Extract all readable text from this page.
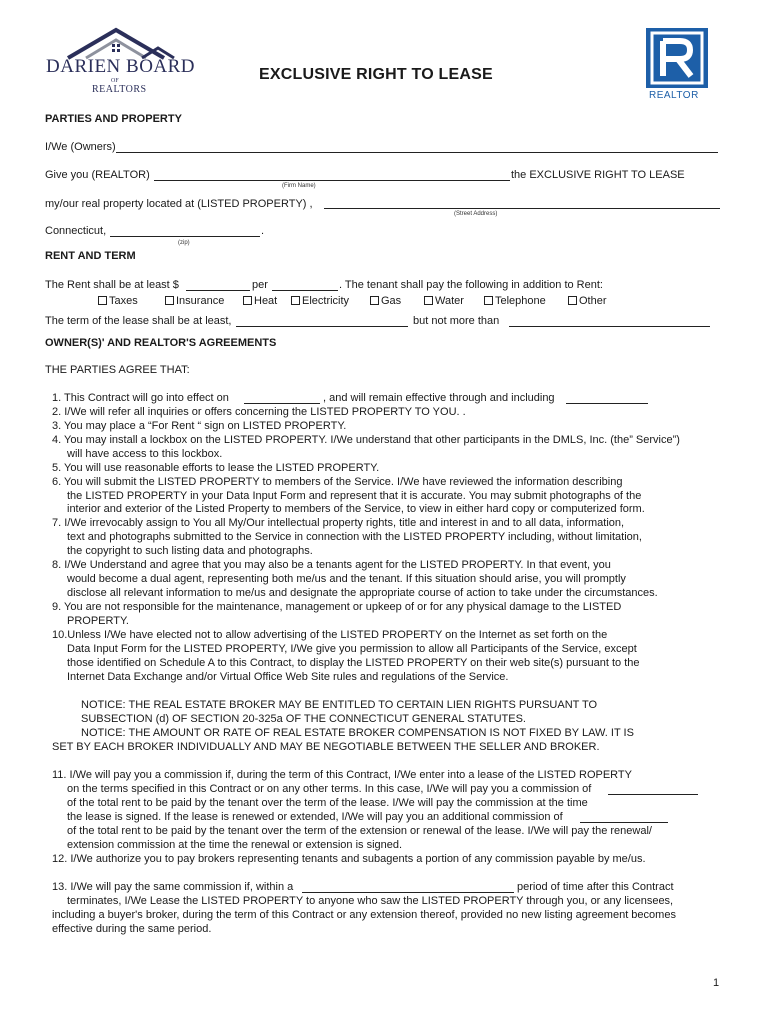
DARIEN BOARD
OF
REALTORS
EXCLUSIVE RIGHT TO LEASE
REALTOR
PARTIES AND PROPERTY
I/We (Owners)
Give you (REALTOR)	the EXCLUSIVE RIGHT TO LEASE
(Firm Name)
my/our real property located at (LISTED PROPERTY) ,
(Street Address)
Connecticut,	.
(zip)
RENT AND TERM
The Rent shall be at least $	per	. The tenant shall pay the following in addition to Rent:
Taxes	Insurance	Heat	Electricity	Gas	Water	Telephone	Other
The term of the lease shall be at least,	but not more than
OWNER(S)' AND REALTOR'S AGREEMENTS
THE PARTIES AGREE THAT:
1. This Contract will go into effect on	, and will remain effective through and including
2. I/We will refer all inquiries or offers concerning the LISTED PROPERTY TO YOU. .
3. You may place a “For Rent “ sign on LISTED PROPERTY.
4. You may install a lockbox on the LISTED PROPERTY. I/We understand that other participants in the DMLS, Inc. (the” Service”)
will have access to this lockbox.
5. You will use reasonable efforts to lease the LISTED PROPERTY.
6. You will submit the LISTED PROPERTY to members of the Service. I/We have reviewed the information describing
the LISTED PROPERTY in your Data Input Form and represent that it is accurate. You may submit photographs of the
interior and exterior of the Listed Property to members of the Service, to view in either hard copy or computerized form.
7. I/We irrevocably assign to You all My/Our intellectual property rights, title and interest in and to all data, information,
text and photographs submitted to the Service in connection with the LISTED PROPERTY including, without limitation,
the copyright to such listing data and photographs.
8. I/We Understand and agree that you may also be a tenants agent for the LISTED PROPERTY. In that event, you
would become a dual agent, representing both me/us and the tenant. If this situation should arise, you will promptly
disclose all relevant information to me/us and designate the appropriate course of action to take under the circumstances.
9. You are not responsible for the maintenance, management or upkeep of or for any physical damage to the LISTED
PROPERTY.
10.Unless I/We have elected not to allow advertising of the LISTED PROPERTY on the Internet as set forth on the
Data Input Form for the LISTED PROPERTY, I/We give you permission to allow all Participants of the Service, except
those identified on Schedule A to this Contract, to display the LISTED PROPERTY on their web site(s) pursuant to the
Internet Data Exchange and/or Virtual Office Web Site rules and regulations of the Service.
NOTICE: THE REAL ESTATE BROKER MAY BE ENTITLED TO CERTAIN LIEN RIGHTS PURSUANT TO
SUBSECTION (d) OF SECTION 20-325a OF THE CONNECTICUT GENERAL STATUTES.
NOTICE: THE AMOUNT OR RATE OF REAL ESTATE BROKER COMPENSATION IS NOT FIXED BY LAW. IT IS
SET BY EACH BROKER INDIVIDUALLY AND MAY BE NEGOTIABLE BETWEEN THE SELLER AND BROKER.
11. I/We will pay you a commission if, during the term of this Contract, I/We enter into a lease of the LISTED ROPERTY
on the terms specified in this Contract or on any other terms. In this case, I/We will pay you a commission of
of the total rent to be paid by the tenant over the term of the lease. I/We will pay the commission at the time
the lease is signed. If the lease is renewed or extended, I/We will pay you an additional commission of
of the total rent to be paid by the tenant over the term of the extension or renewal of the lease. I/We will pay the renewal/
extension commission at the time the renewal or extension is signed.
12. I/We authorize you to pay brokers representing tenants and subagents a portion of any commission payable by me/us.
13. I/We will pay the same commission if, within a	period of time after this Contract
terminates, I/We Lease the LISTED PROPERTY to anyone who saw the LISTED PROPERTY through you, or any licensees,
including a buyer's broker, during the term of this Contract or any extension thereof, provided no new listing agreement becomes
effective during the same period.
1
